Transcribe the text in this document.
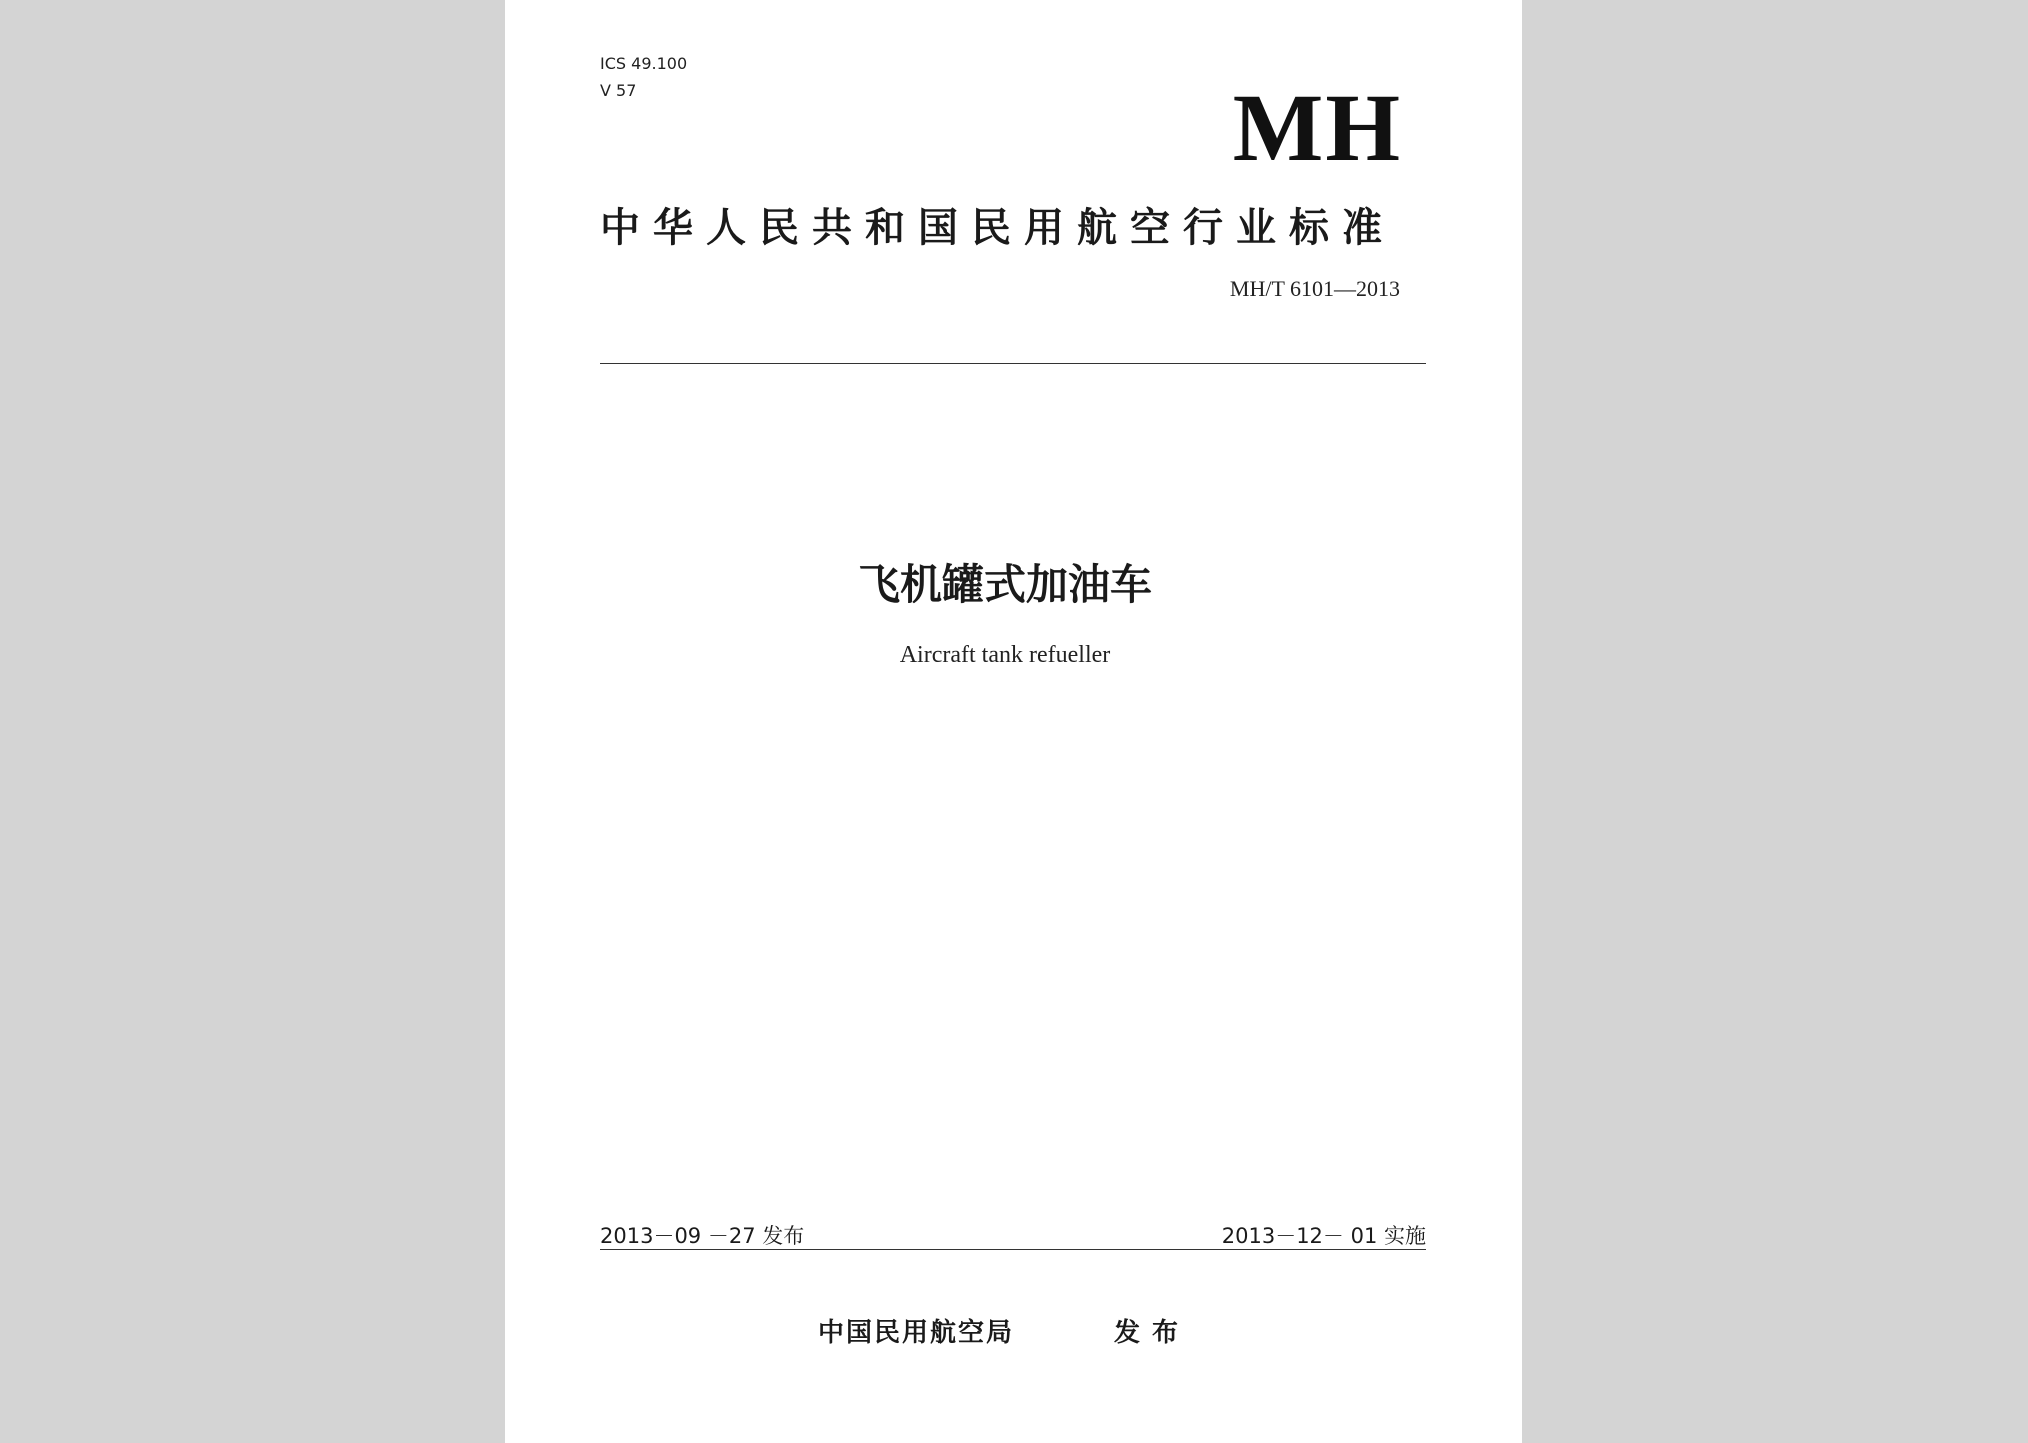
ICS 49.100
V 57	MH
中华人民共和国民用航空行业标准
MH/T 6101—2013
飞机罐式加油车
Aircraft tank refueller
2013－09 －27 发布	2013－12－ 01 实施
中国民用航空局	发布
